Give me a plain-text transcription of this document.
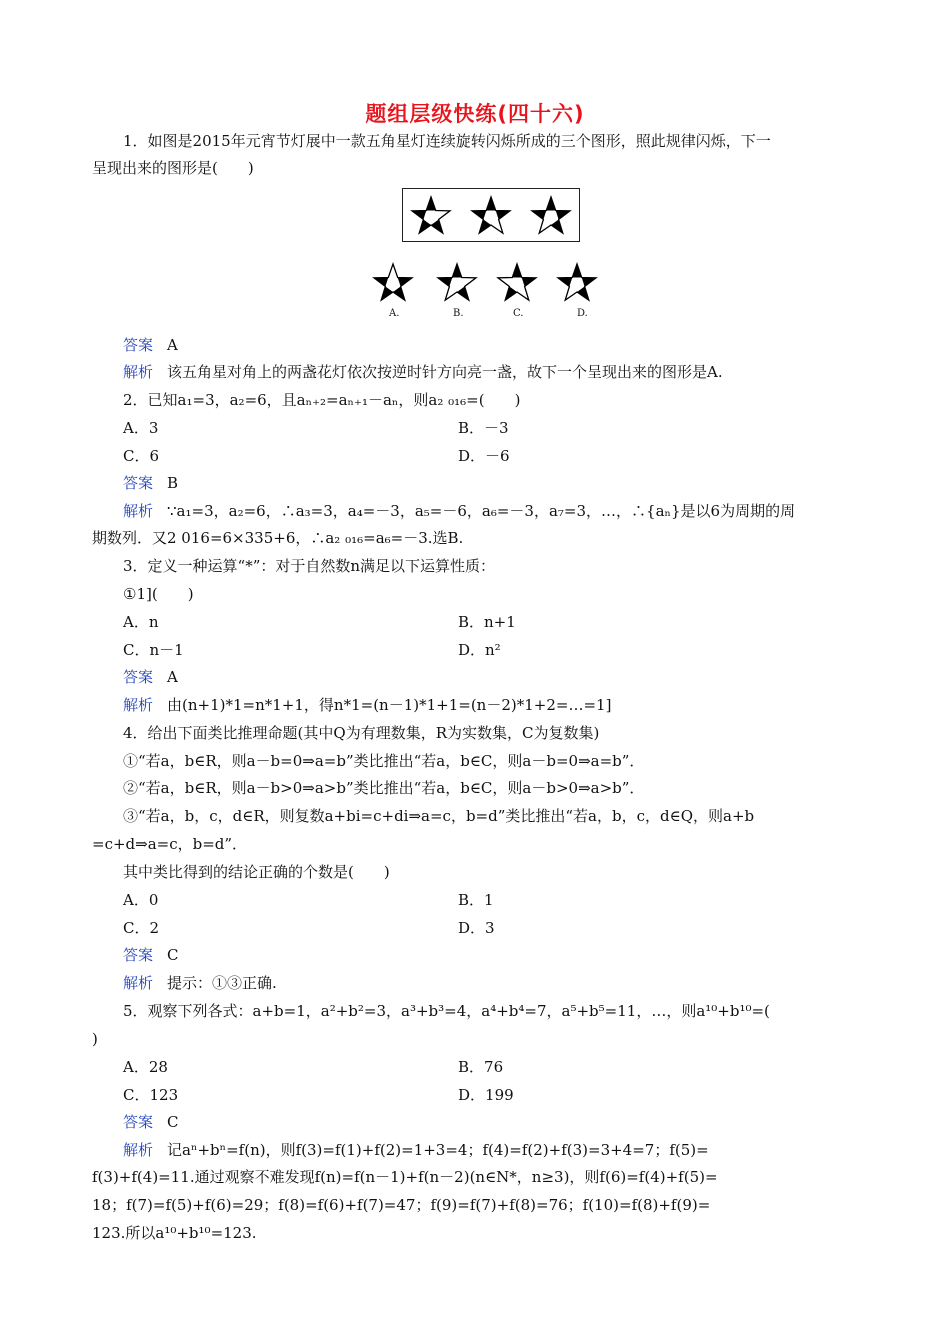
题组层级快练(四十六)
1．如图是2015年元宵节灯展中一款五角星灯连续旋转闪烁所成的三个图形，照此规律闪烁，下一
呈现出来的图形是(　　)
A.	B.	C.	D.
答案 A
解析 该五角星对角上的两盏花灯依次按逆时针方向亮一盏，故下一个呈现出来的图形是A.
2．已知a₁=3，a₂=6，且aₙ₊₂=aₙ₊₁－aₙ，则a₂ ₀₁₆=(　　)
A．3	B．－3
C．6	D．－6
答案 B
解析 ∵a₁=3，a₂=6，∴a₃=3，a₄=－3，a₅=－6，a₆=－3，a₇=3，…，∴{aₙ}是以6为周期的周
期数列．又2 016=6×335+6，∴a₂ ₀₁₆=a₆=－3.选B.
3．定义一种运算“*”：对于自然数n满足以下运算性质：
①1](　　)
A．n	B．n+1
C．n－1	D．n²
答案 A
解析 由(n+1)*1=n*1+1，得n*1=(n－1)*1+1=(n－2)*1+2=…=1]
4．给出下面类比推理命题(其中Q为有理数集，R为实数集，C为复数集)
①“若a，b∈R，则a－b=0⇒a=b”类比推出“若a，b∈C，则a－b=0⇒a=b”．
②“若a，b∈R，则a－b>0⇒a>b”类比推出“若a，b∈C，则a－b>0⇒a>b”．
③“若a，b，c，d∈R，则复数a+bi=c+di⇒a=c，b=d”类比推出“若a，b，c，d∈Q，则a+b
=c+d⇒a=c，b=d”．
其中类比得到的结论正确的个数是(　　)
A．0	B．1
C．2	D．3
答案 C
解析 提示：①③正确.
5．观察下列各式：a+b=1，a²+b²=3，a³+b³=4，a⁴+b⁴=7，a⁵+b⁵=11，…，则a¹⁰+b¹⁰=(
)
A．28	B．76
C．123	D．199
答案 C
解析 记aⁿ+bⁿ=f(n)，则f(3)=f(1)+f(2)=1+3=4；f(4)=f(2)+f(3)=3+4=7；f(5)=
f(3)+f(4)=11.通过观察不难发现f(n)=f(n－1)+f(n－2)(n∈N*，n≥3)，则f(6)=f(4)+f(5)=
18；f(7)=f(5)+f(6)=29；f(8)=f(6)+f(7)=47；f(9)=f(7)+f(8)=76；f(10)=f(8)+f(9)=
123.所以a¹⁰+b¹⁰=123.
